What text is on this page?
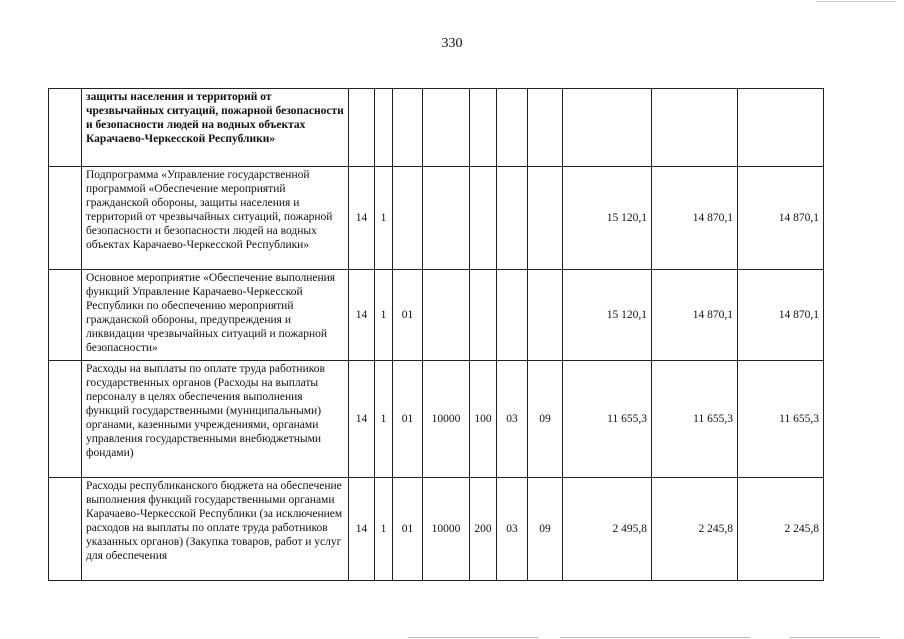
330
	защиты населения и территорий от чрезвычайных ситуаций, пожарной безопасности и безопасности людей на водных объектах Карачаево-Черкесской Республики»										
	Подпрограмма «Управление государственной программой «Обеспечение мероприятий гражданской обороны, защиты населения и территорий от чрезвычайных ситуаций, пожарной безопасности и безопасности людей на водных объектах Карачаево-Черкесской Республики»	14	1						15 120,1	14 870,1	14 870,1
	Основное мероприятие «Обеспечение выполнения функций Управление Карачаево-Черкесской Республики по обеспечению мероприятий гражданской обороны, предупреждения и ликвидации чрезвычайных ситуаций и пожарной безопасности»	14	1	01					15 120,1	14 870,1	14 870,1
	Расходы на выплаты по оплате труда работников государственных органов (Расходы на выплаты персоналу в целях обеспечения выполнения функций государственными (муниципальными) органами, казенными учреждениями, органами управления государственными внебюджетными фондами)	14	1	01	10000	100	03	09	11 655,3	11 655,3	11 655,3
	Расходы республиканского бюджета на обеспечение выполнения функций государственными органами Карачаево-Черкесской Республики (за исключением расходов на выплаты по оплате труда работников указанных органов) (Закупка товаров, работ и услуг для обеспечения	14	1	01	10000	200	03	09	2 495,8	2 245,8	2 245,8
